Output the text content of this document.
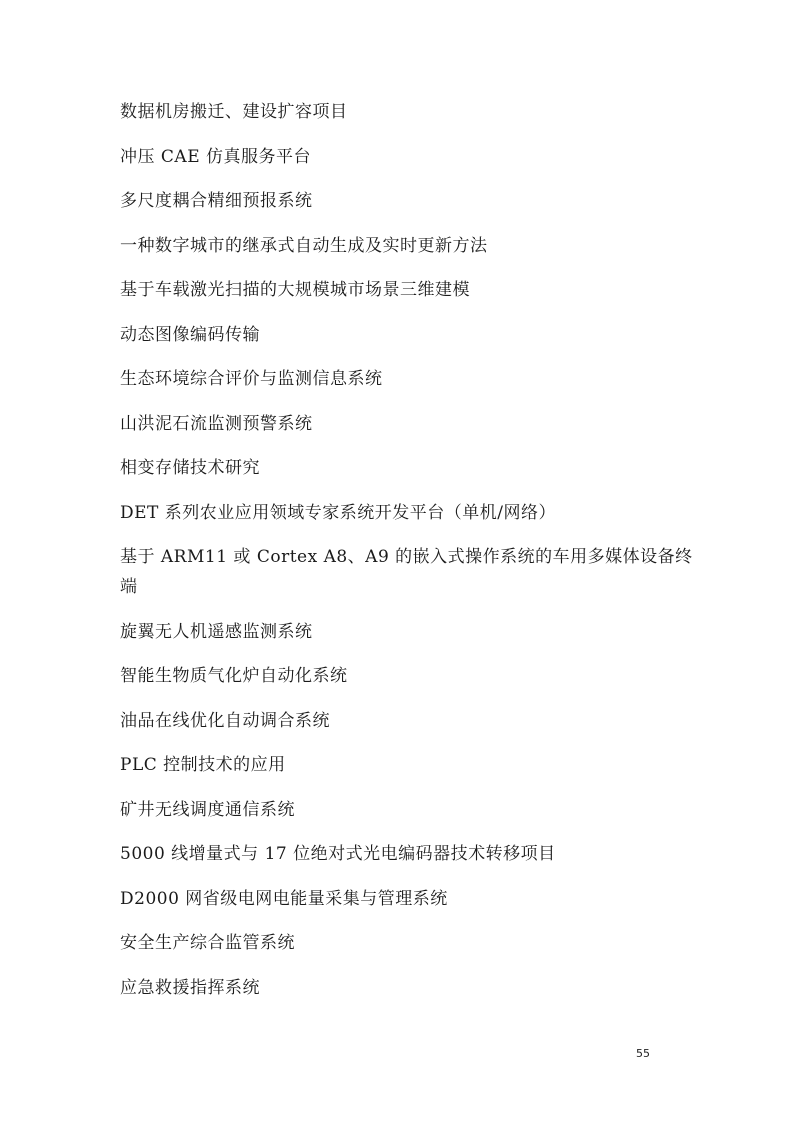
数据机房搬迁、建设扩容项目
冲压 CAE 仿真服务平台
多尺度耦合精细预报系统
一种数字城市的继承式自动生成及实时更新方法
基于车载激光扫描的大规模城市场景三维建模
动态图像编码传输
生态环境综合评价与监测信息系统
山洪泥石流监测预警系统
相变存储技术研究
DET 系列农业应用领域专家系统开发平台（单机/网络）
基于 ARM11 或 Cortex A8、A9 的嵌入式操作系统的车用多媒体设备终端
旋翼无人机遥感监测系统
智能生物质气化炉自动化系统
油品在线优化自动调合系统
PLC 控制技术的应用
矿井无线调度通信系统
5000 线增量式与 17 位绝对式光电编码器技术转移项目
D2000 网省级电网电能量采集与管理系统
安全生产综合监管系统
应急救援指挥系统
55
